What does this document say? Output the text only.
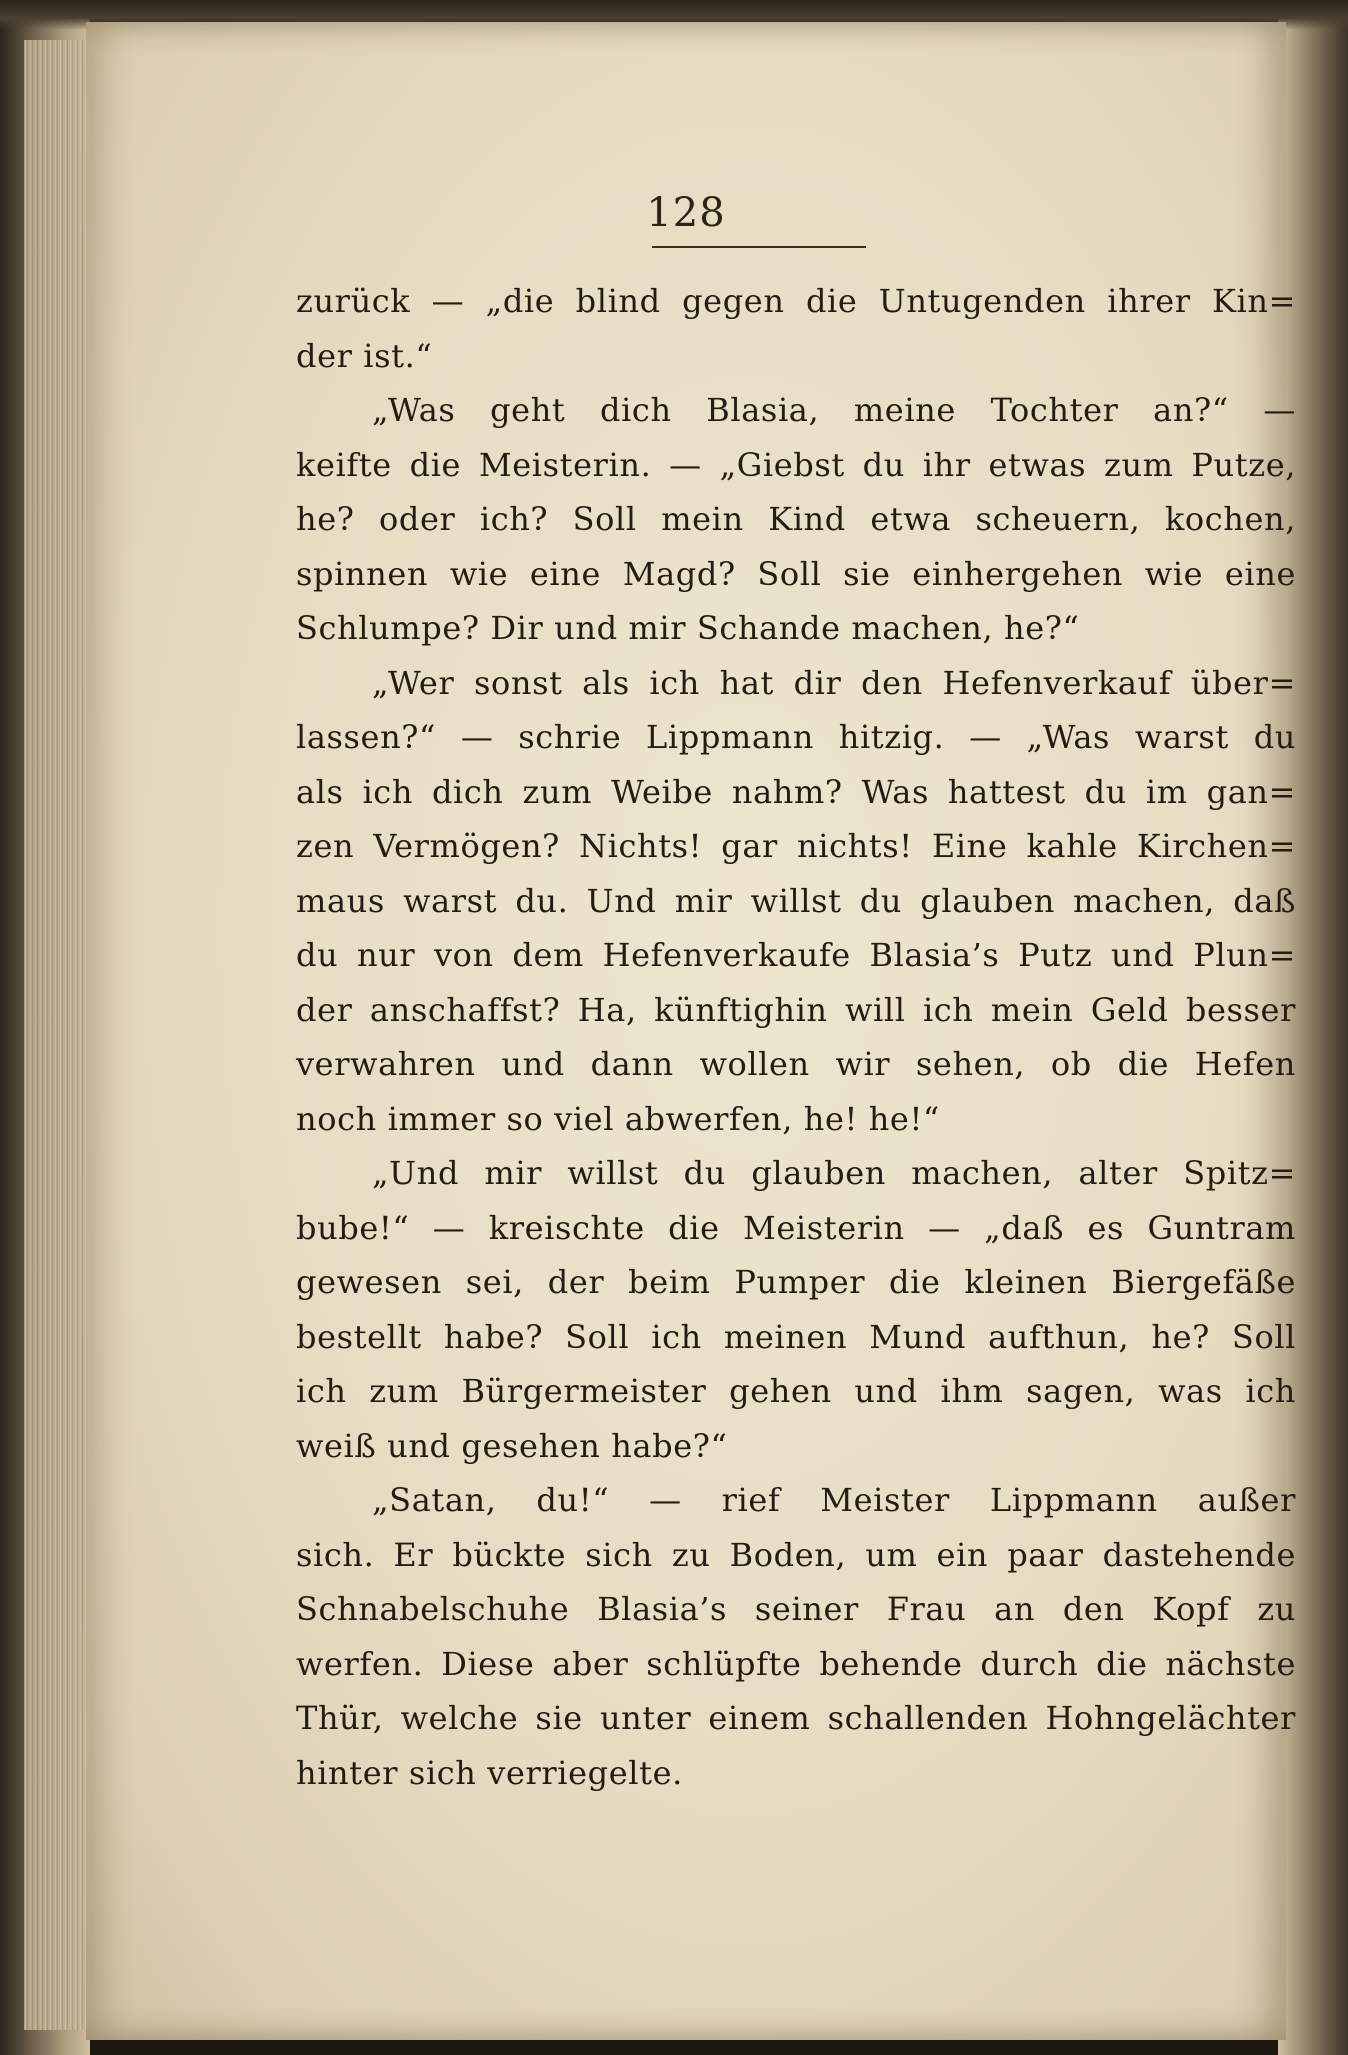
128
zurück — „die blind gegen die Untugenden ihrer Kin=
der ist.“
„Was geht dich Blasia, meine Tochter an?“ —
keifte die Meisterin. — „Giebst du ihr etwas zum Putze,
he? oder ich? Soll mein Kind etwa scheuern, kochen,
spinnen wie eine Magd? Soll sie einhergehen wie eine
Schlumpe? Dir und mir Schande machen, he?“
„Wer sonst als ich hat dir den Hefenverkauf über=
lassen?“ — schrie Lippmann hitzig. — „Was warst du
als ich dich zum Weibe nahm? Was hattest du im gan=
zen Vermögen? Nichts! gar nichts! Eine kahle Kirchen=
maus warst du. Und mir willst du glauben machen, daß
du nur von dem Hefenverkaufe Blasia’s Putz und Plun=
der anschaffst? Ha, künftighin will ich mein Geld besser
verwahren und dann wollen wir sehen, ob die Hefen
noch immer so viel abwerfen, he! he!“
„Und mir willst du glauben machen, alter Spitz=
bube!“ — kreischte die Meisterin — „daß es Guntram
gewesen sei, der beim Pumper die kleinen Biergefäße
bestellt habe? Soll ich meinen Mund aufthun, he? Soll
ich zum Bürgermeister gehen und ihm sagen, was ich
weiß und gesehen habe?“
„Satan, du!“ — rief Meister Lippmann außer
sich. Er bückte sich zu Boden, um ein paar dastehende
Schnabelschuhe Blasia’s seiner Frau an den Kopf zu
werfen. Diese aber schlüpfte behende durch die nächste
Thür, welche sie unter einem schallenden Hohngelächter
hinter sich verriegelte.
